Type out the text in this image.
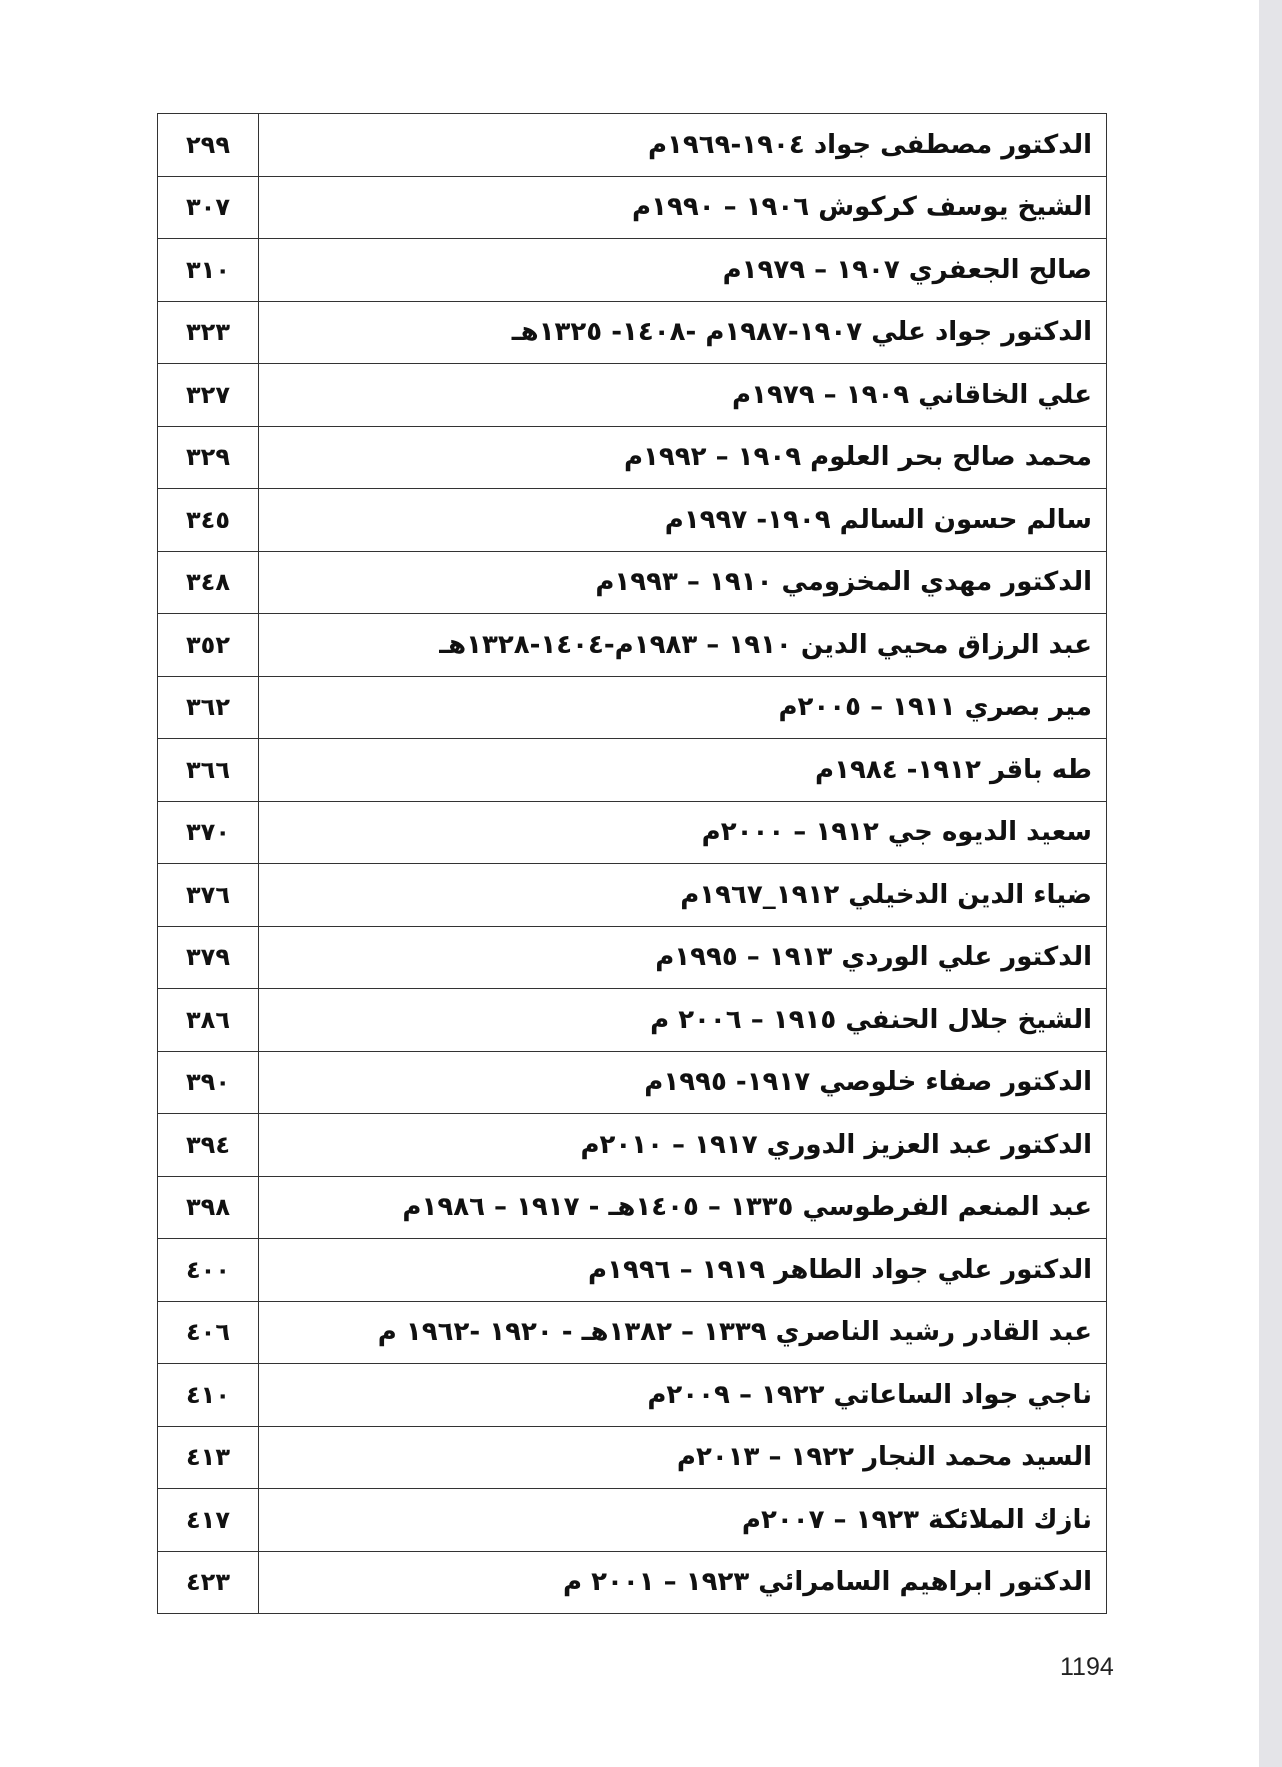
الدكتور مصطفى جواد ١٩٠٤-١٩٦٩م	٢٩٩
الشيخ يوسف كركوش ١٩٠٦ – ١٩٩٠م	٣٠٧
صالح الجعفري ١٩٠٧ – ١٩٧٩م	٣١٠
الدكتور جواد علي ١٩٠٧-١٩٨٧م -١٤٠٨- ١٣٢٥هـ	٣٢٣
علي الخاقاني ١٩٠٩ – ١٩٧٩م	٣٢٧
محمد صالح بحر العلوم ١٩٠٩ – ١٩٩٢م	٣٢٩
سالم حسون السالم ١٩٠٩- ١٩٩٧م	٣٤٥
الدكتور مهدي المخزومي ١٩١٠ – ١٩٩٣م	٣٤٨
عبد الرزاق محيي الدين ١٩١٠ – ١٩٨٣م-١٤٠٤-١٣٢٨هـ	٣٥٢
مير بصري ١٩١١ – ٢٠٠٥م	٣٦٢
طه باقر ١٩١٢- ١٩٨٤م	٣٦٦
سعيد الديوه جي ١٩١٢ – ٢٠٠٠م	٣٧٠
ضياء الدين الدخيلي ١٩١٢_١٩٦٧م	٣٧٦
الدكتور علي الوردي ١٩١٣ – ١٩٩٥م	٣٧٩
الشيخ جلال الحنفي ١٩١٥ – ٢٠٠٦ م	٣٨٦
الدكتور صفاء خلوصي ١٩١٧- ١٩٩٥م	٣٩٠
الدكتور عبد العزيز الدوري ١٩١٧ – ٢٠١٠م	٣٩٤
عبد المنعم الفرطوسي ١٣٣٥ – ١٤٠٥هـ - ١٩١٧ – ١٩٨٦م	٣٩٨
الدكتور علي جواد الطاهر ١٩١٩ – ١٩٩٦م	٤٠٠
عبد القادر رشيد الناصري ١٣٣٩ – ١٣٨٢هـ - ١٩٢٠ -١٩٦٢ م	٤٠٦
ناجي جواد الساعاتي ١٩٢٢ – ٢٠٠٩م	٤١٠
السيد محمد النجار ١٩٢٢ – ٢٠١٣م	٤١٣
نازك الملائكة ١٩٢٣ – ٢٠٠٧م	٤١٧
الدكتور ابراهيم السامرائي ١٩٢٣ – ٢٠٠١ م	٤٢٣
1194
